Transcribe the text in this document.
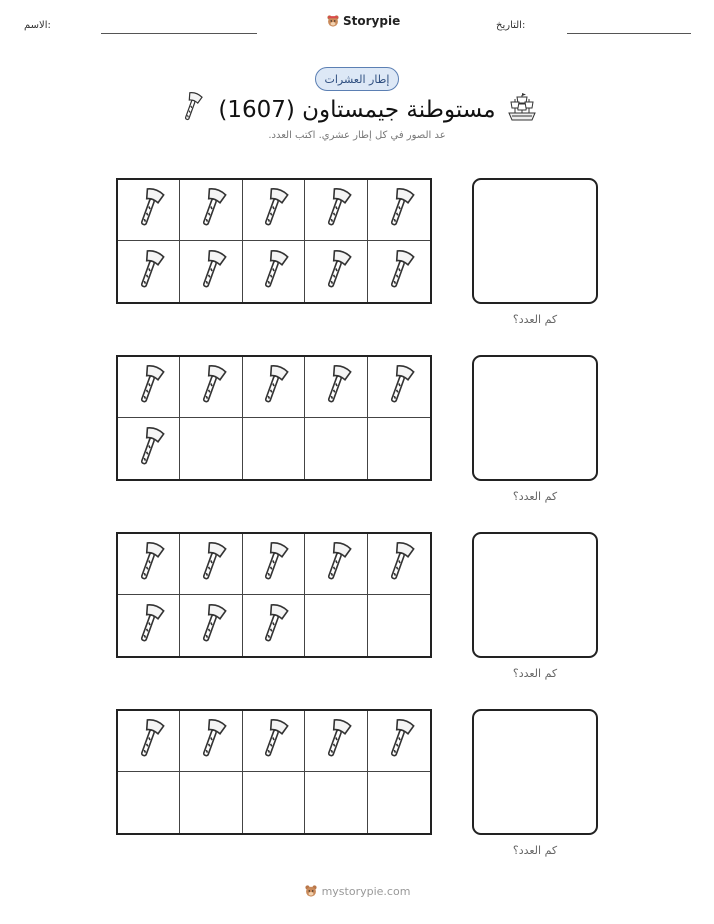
الاسم:	Storypie	التاريخ:
إطار العشرات
مستوطنة جيمستاون (1607)
عد الصور في كل إطار عشري. اكتب العدد.
كم العدد؟
كم العدد؟
كم العدد؟
كم العدد؟
mystorypie.com
